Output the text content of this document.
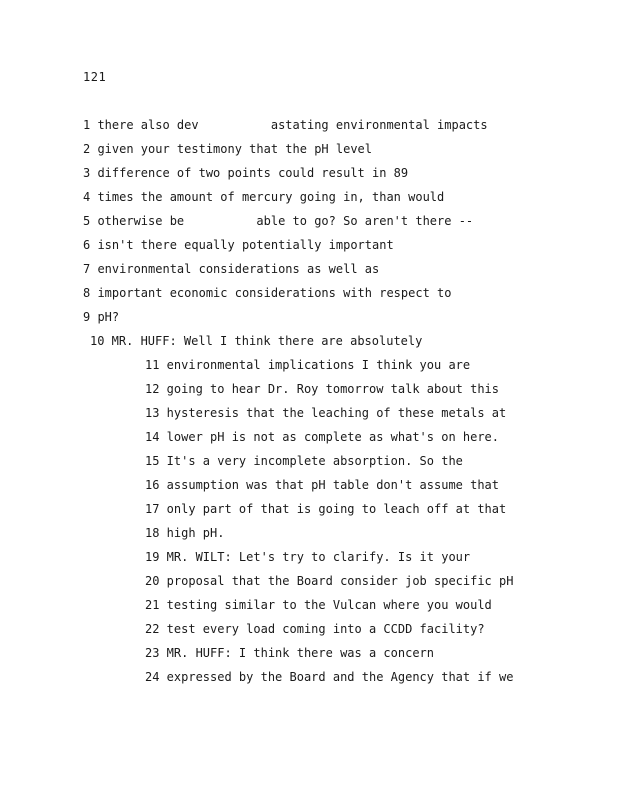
121
1 there also dev          astating environmental impacts
2 given your testimony that the pH level
3 difference of two points could result in 89
4 times the amount of mercury going in, than would
5 otherwise be          able to go? So aren't there --
6 isn't there equally potentially important
7 environmental considerations as well as
8 important economic considerations with respect to
9 pH?
10 MR. HUFF: Well I think there are absolutely
11 environmental implications I think you are
12 going to hear Dr. Roy tomorrow talk about this
13 hysteresis that the leaching of these metals at
14 lower pH is not as complete as what's on here.
15 It's a very incomplete absorption. So the
16 assumption was that pH table don't assume that
17 only part of that is going to leach off at that
18 high pH.
19 MR. WILT: Let's try to clarify. Is it your
20 proposal that the Board consider job specific pH
21 testing similar to the Vulcan where you would
22 test every load coming into a CCDD facility?
23 MR. HUFF: I think there was a concern
24 expressed by the Board and the Agency that if we
